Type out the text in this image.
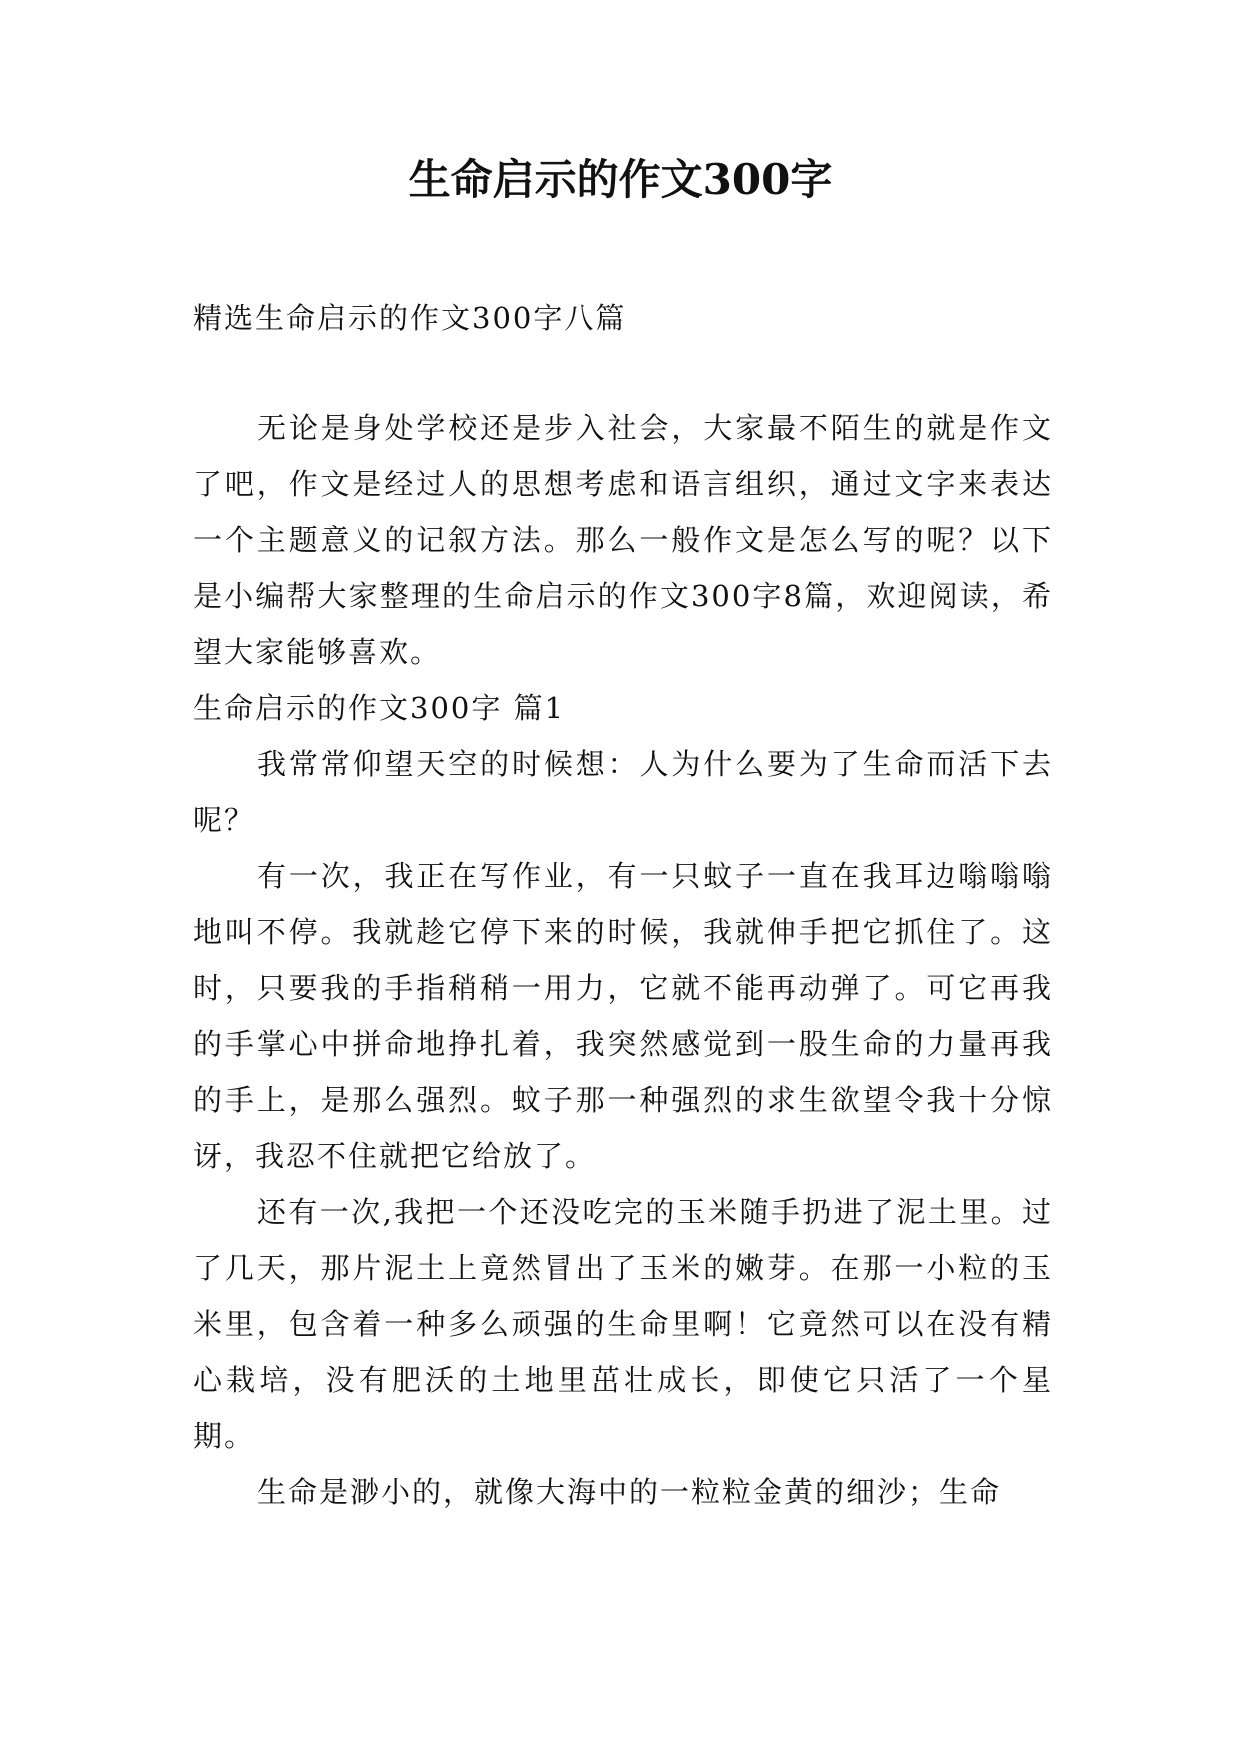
生命启示的作文300字

精选生命启示的作文300字八篇

无论是身处学校还是步入社会，大家最不陌生的就是作文了吧，作文是经过人的思想考虑和语言组织，通过文字来表达一个主题意义的记叙方法。那么一般作文是怎么写的呢？以下是小编帮大家整理的生命启示的作文300字8篇，欢迎阅读，希望大家能够喜欢。

生命启示的作文300字 篇1

我常常仰望天空的时候想：人为什么要为了生命而活下去呢？

有一次，我正在写作业，有一只蚊子一直在我耳边嗡嗡嗡地叫不停。我就趁它停下来的时候，我就伸手把它抓住了。这时，只要我的手指稍稍一用力，它就不能再动弹了。可它再我的手掌心中拼命地挣扎着，我突然感觉到一股生命的力量再我的手上，是那么强烈。蚊子那一种强烈的求生欲望令我十分惊讶，我忍不住就把它给放了。

还有一次,我把一个还没吃完的玉米随手扔进了泥土里。过了几天，那片泥土上竟然冒出了玉米的嫩芽。在那一小粒的玉米里，包含着一种多么顽强的生命里啊！它竟然可以在没有精心栽培，没有肥沃的土地里茁壮成长，即使它只活了一个星期。

生命是渺小的，就像大海中的一粒粒金黄的细沙；生命
